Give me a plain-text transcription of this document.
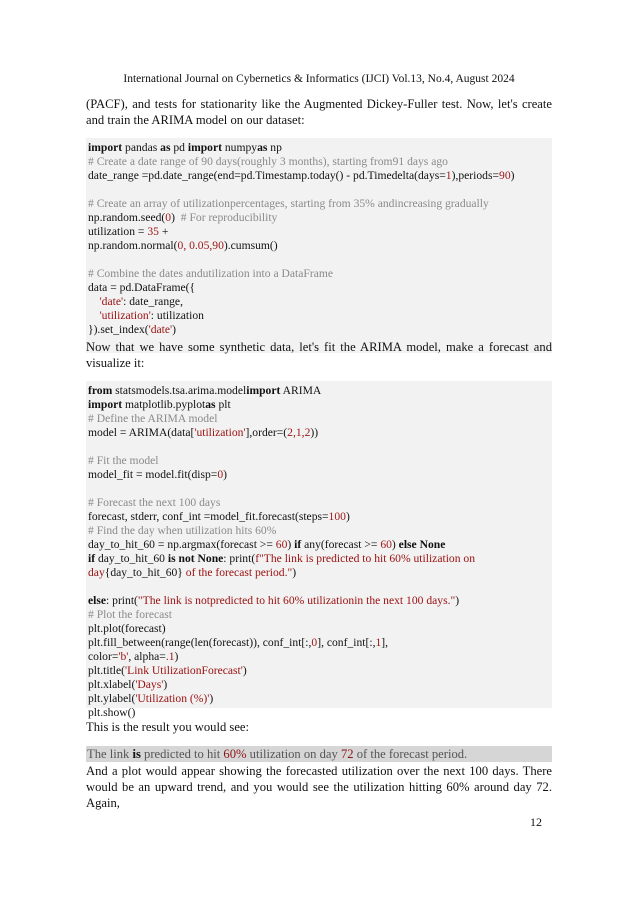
International Journal on Cybernetics & Informatics (IJCI) Vol.13, No.4, August 2024
(PACF), and tests for stationarity like the Augmented Dickey-Fuller test. Now, let's create and train the ARIMA model on our dataset:
import pandas as pd import numpyas np
# Create a date range of 90 days(roughly 3 months), starting from91 days ago
date_range =pd.date_range(end=pd.Timestamp.today() - pd.Timedelta(days=1),periods=90)
# Create an array of utilizationpercentages, starting from 35% andincreasing gradually
np.random.seed(0)  # For reproducibility
utilization = 35 +
np.random.normal(0, 0.05,90).cumsum()
# Combine the dates andutilization into a DataFrame
data = pd.DataFrame({
'date': date_range,
'utilization': utilization
}).set_index('date')
Now that we have some synthetic data, let's fit the ARIMA model, make a forecast and visualize it:
from statsmodels.tsa.arima.modelimport ARIMA
import matplotlib.pyplotas plt
# Define the ARIMA model
model = ARIMA(data['utilization'],order=(2,1,2))
# Fit the model
model_fit = model.fit(disp=0)
# Forecast the next 100 days
forecast, stderr, conf_int =model_fit.forecast(steps=100)
# Find the day when utilization hits 60%
day_to_hit_60 = np.argmax(forecast >= 60) if any(forecast >= 60) else None
if day_to_hit_60 is not None: print(f"The link is predicted to hit 60% utilization on
day{day_to_hit_60} of the forecast period.")
else: print("The link is notpredicted to hit 60% utilizationin the next 100 days.")
# Plot the forecast
plt.plot(forecast)
plt.fill_between(range(len(forecast)), conf_int[:,0], conf_int[:,1],
color='b', alpha=.1)
plt.title('Link UtilizationForecast')
plt.xlabel('Days')
plt.ylabel('Utilization (%)')
plt.show()
This is the result you would see:
The link is predicted to hit 60% utilization on day 72 of the forecast period.
And a plot would appear showing the forecasted utilization over the next 100 days. There would be an upward trend, and you would see the utilization hitting 60% around day 72. Again,
12
